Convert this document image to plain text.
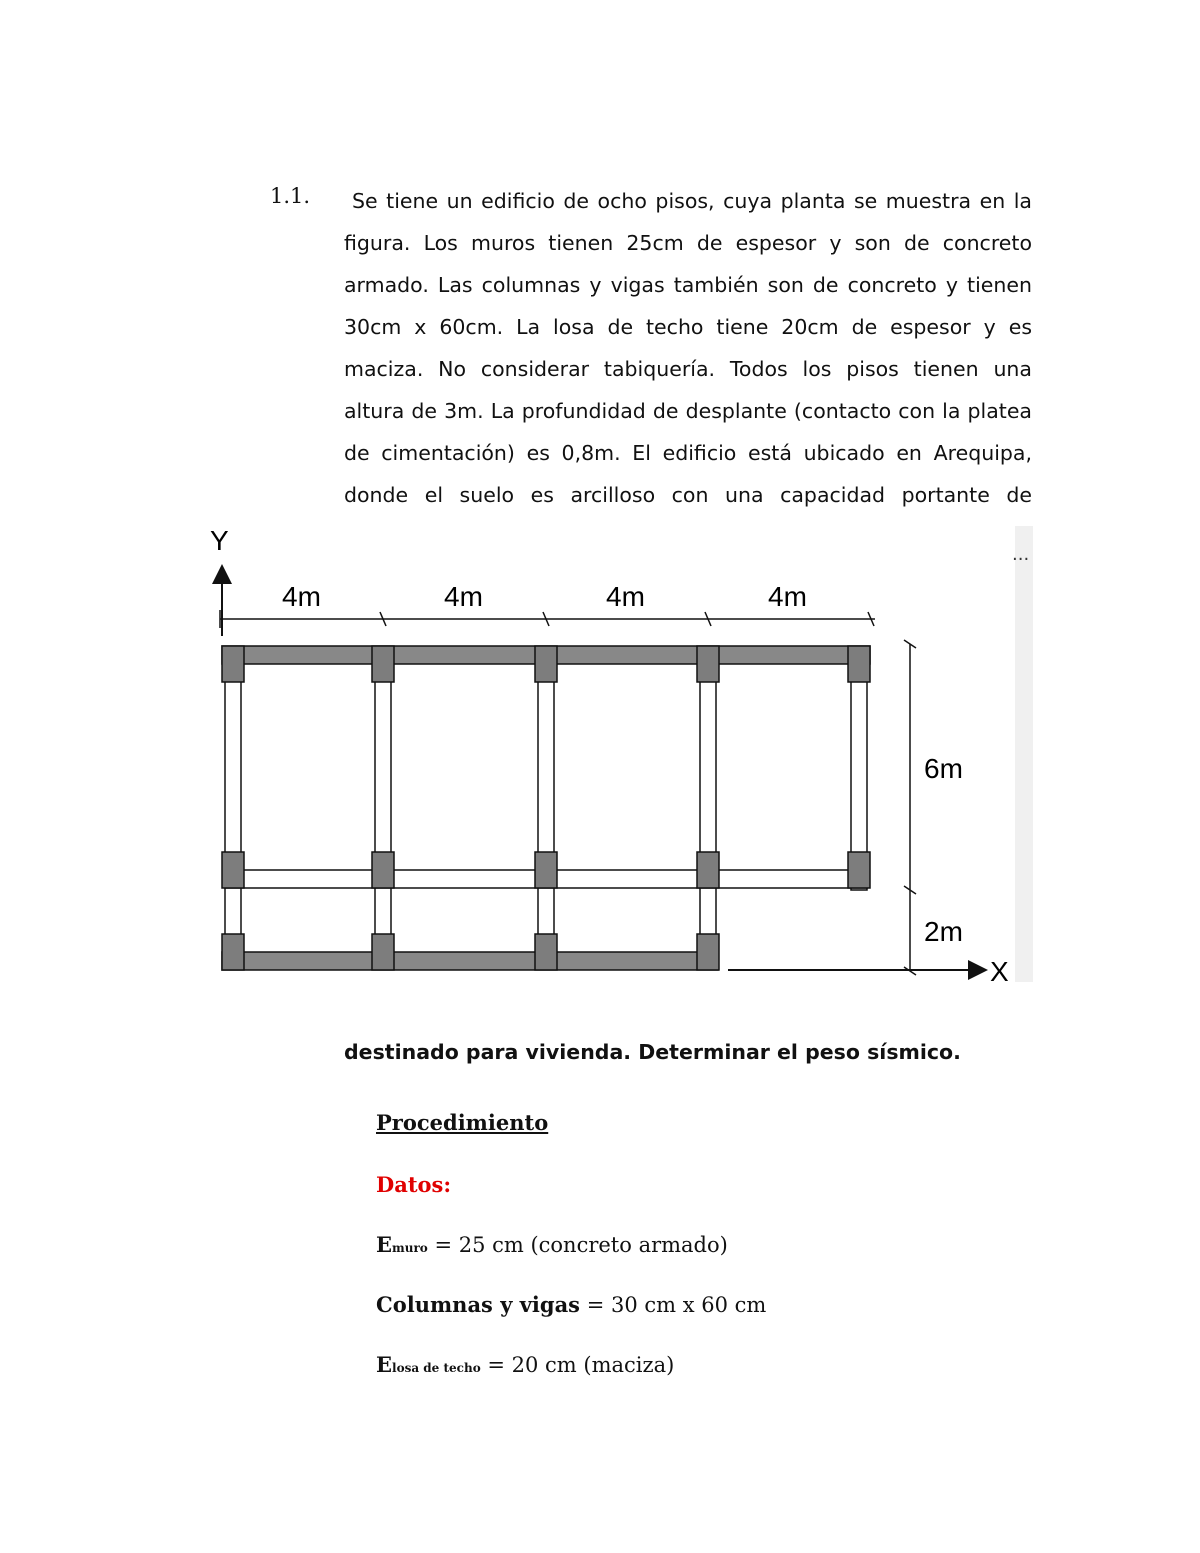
1.1.	Se tiene un edificio de ocho pisos, cuya planta se muestra en la figura. Los muros tienen 25cm de espesor y son de concreto armado. Las columnas y vigas también son de concreto y tienen 30cm x 60cm. La losa de techo tiene 20cm de espesor y es maciza. No considerar tabiquería. Todos los pisos tienen una altura de 3m. La profundidad de desplante (contacto con la platea de cimentación) es 0,8m. El edificio está ubicado en Arequipa, donde el suelo es arcilloso con una capacidad portante de
...
Y
4m	4m	4m	4m
6m
2m
X
destinado para vivienda. Determinar el peso sísmico.
Procedimiento
Datos:
Emuro = 25 cm (concreto armado)
Columnas y vigas = 30 cm x 60 cm
Elosa de techo = 20 cm (maciza)
